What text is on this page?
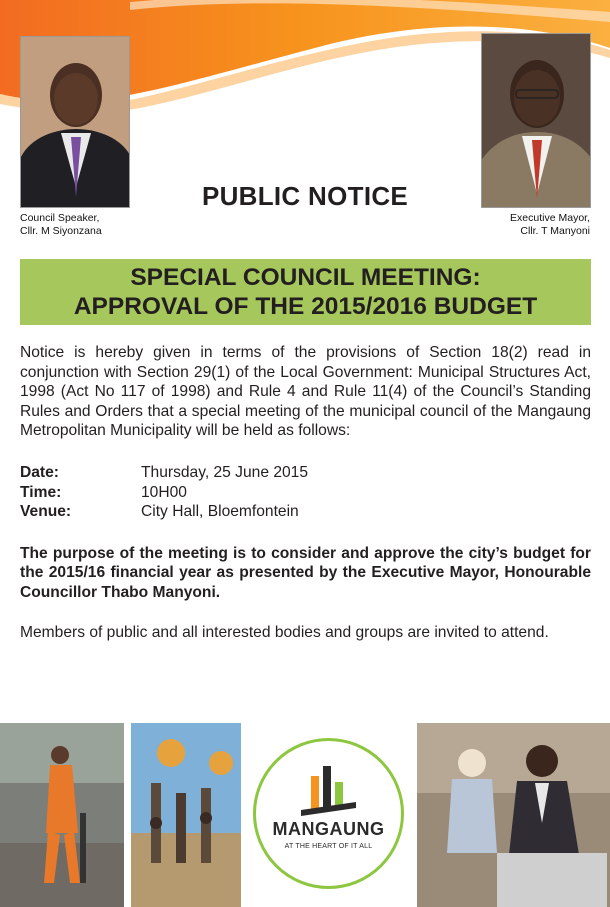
Council Speaker,
Cllr. M Siyonzana
Executive Mayor,
Cllr. T Manyoni
PUBLIC NOTICE
SPECIAL COUNCIL MEETING:
APPROVAL OF THE 2015/2016 BUDGET

Notice is hereby given in terms of the provisions of Section 18(2) read in conjunction with Section 29(1) of the Local Government: Municipal Structures Act, 1998 (Act No 117 of 1998) and Rule 4 and Rule 11(4) of the Council’s Standing Rules and Orders that a special meeting of the municipal council of the Mangaung Metropolitan Municipality will be held as follows:

Date:	Thursday, 25 June 2015
Time:	10H00
Venue:	City Hall, Bloemfontein

The purpose of the meeting is to consider and approve the city’s budget for the 2015/16 financial year as presented by the Executive Mayor, Honourable Councillor Thabo Manyoni.

Members of public and all interested bodies and groups are invited to attend.

MANGAUNG
AT THE HEART OF IT ALL
